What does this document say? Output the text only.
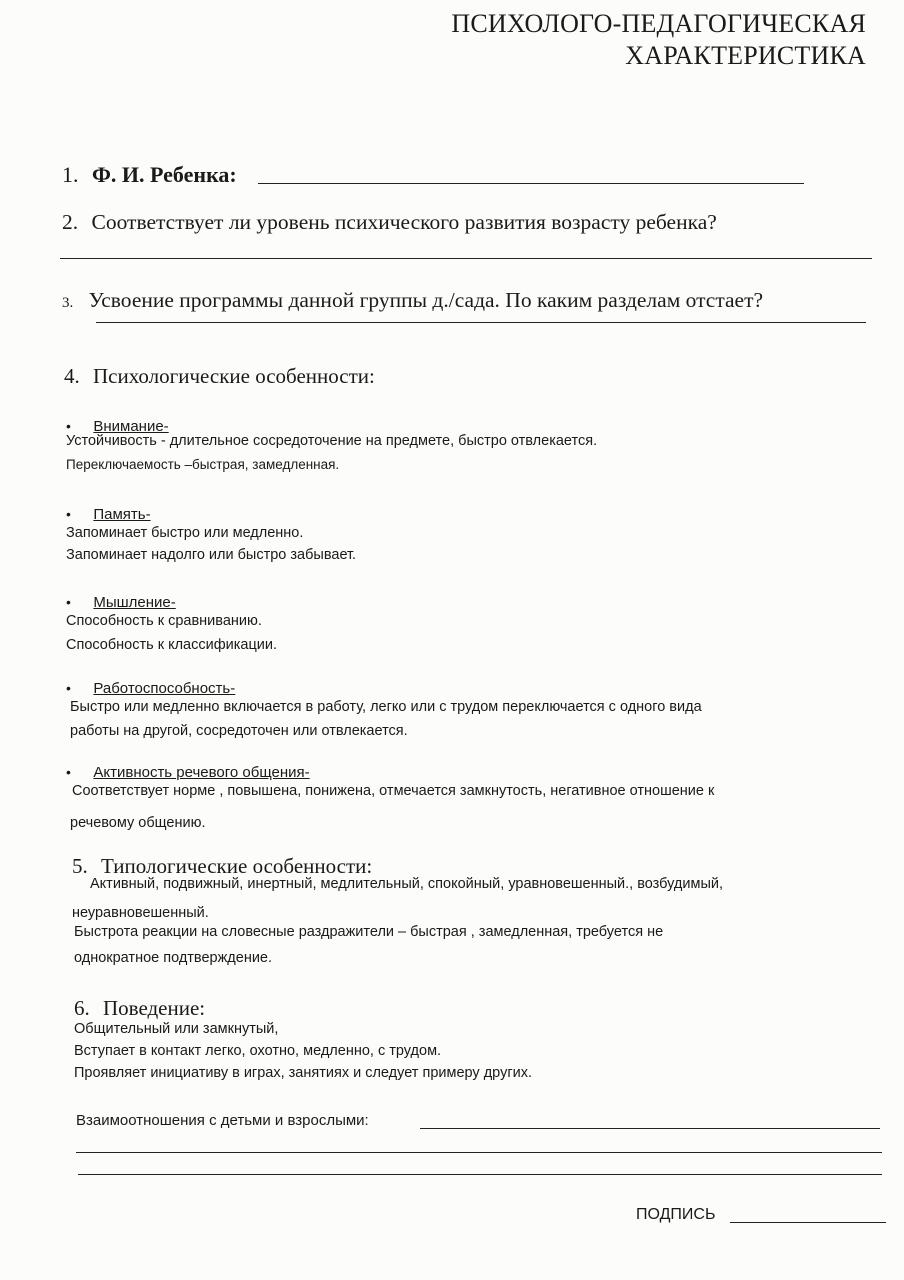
ПСИХОЛОГО-ПЕДАГОГИЧЕСКАЯ
ХАРАКТЕРИСТИКА
1. Ф. И. Ребенка:
2. Соответствует ли уровень психического развития возрасту ребенка?
3. Усвоение программы данной группы д./сада. По каким разделам отстает?
4. Психологические особенности:
• Внимание-
Устойчивость - длительное сосредоточение на предмете, быстро отвлекается.
Переключаемость –быстрая, замедленная.
• Память-
Запоминает быстро или медленно.
Запоминает надолго или быстро забывает.
• Мышление-
Способность к сравниванию.
Способность к классификации.
• Работоспособность-
Быстро или медленно включается в работу, легко или с трудом переключается с одного вида
работы на другой, сосредоточен или отвлекается.
• Активность речевого общения-
Соответствует норме , повышена, понижена, отмечается замкнутость, негативное отношение к
речевому общению.
5. Типологические особенности:
Активный, подвижный, инертный, медлительный, спокойный, уравновешенный., возбудимый,
неуравновешенный.
Быстрота реакции на словесные раздражители – быстрая , замедленная, требуется не
однократное подтверждение.
6. Поведение:
Общительный или замкнутый,
Вступает в контакт легко, охотно, медленно, с трудом.
Проявляет инициативу в играх, занятиях и следует примеру других.
Взаимоотношения с детьми и взрослыми:
ПОДПИСЬ
